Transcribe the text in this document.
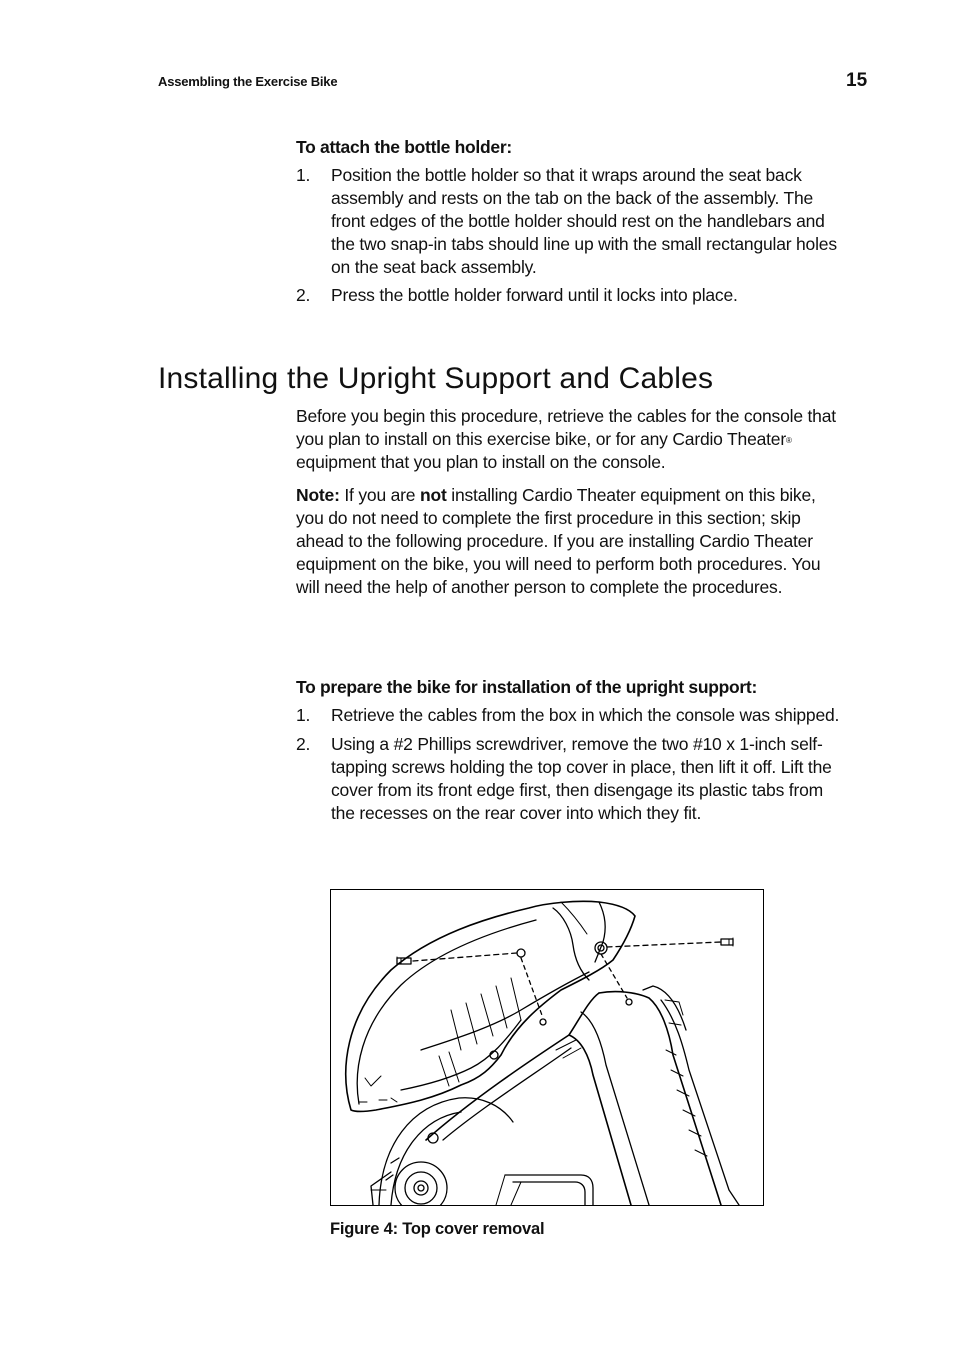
Assembling the Exercise Bike	15
To attach the bottle holder:
1.	Position the bottle holder so that it wraps around the seat back assembly and rests on the tab on the back of the assembly. The front edges of the bottle holder should rest on the handlebars and the two snap-in tabs should line up with the small rectangular holes on the seat back assembly.
2.	Press the bottle holder forward until it locks into place.
Installing the Upright Support and Cables
Before you begin this procedure, retrieve the cables for the console that you plan to install on this exercise bike, or for any Cardio Theater® equipment that you plan to install on the console.
Note: If you are not installing Cardio Theater equipment on this bike, you do not need to complete the first procedure in this section; skip ahead to the following procedure. If you are installing Cardio Theater equipment on the bike, you will need to perform both procedures. You will need the help of another person to complete the procedures.
To prepare the bike for installation of the upright support:
1.	Retrieve the cables from the box in which the console was shipped.
2.	Using a #2 Phillips screwdriver, remove the two #10 x 1-inch self-tapping screws holding the top cover in place, then lift it off. Lift the cover from its front edge first, then disengage its plastic tabs from the recesses on the rear cover into which they fit.
Figure 4: Top cover removal
